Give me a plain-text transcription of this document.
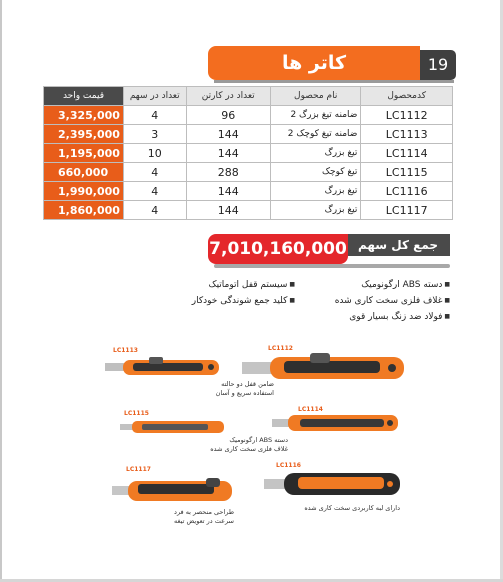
کاتر ها	19
قیمت واحد	تعداد در سهم	تعداد در کارتن	نام محصول	کدمحصول
3,325,000	4	96	2 ضامنه تیغ بزرگ	LC1112
2,395,000	3	144	2 ضامنه تیغ کوچک	LC1113
1,195,000	10	144	تیغ بزرگ	LC1114
660,000	4	288	تیغ کوچک	LC1115
1,990,000	4	144	تیغ بزرگ	LC1116
1,860,000	4	144	تیغ بزرگ	LC1117
جمع کل سهم
7,010,160,000
■ دسته ABS ارگونومیک
■ غلاف فلزی سخت کاری شده
■ فولاد ضد زنگ بسیار قوی
■ سیستم قفل اتوماتیک
■ کلید جمع شوندگی خودکار
LC1113
ضامن قفل دو حالته
استفاده سریع و آسان
LC1112
LC1115
دسته ABS ارگونومیک
غلاف فلزی سخت کاری شده
LC1114
LC1117
طراحی منحصر به فرد
سرعت در تعویض تیغه
LC1116
دارای لبه کاربردی سخت کاری شده
